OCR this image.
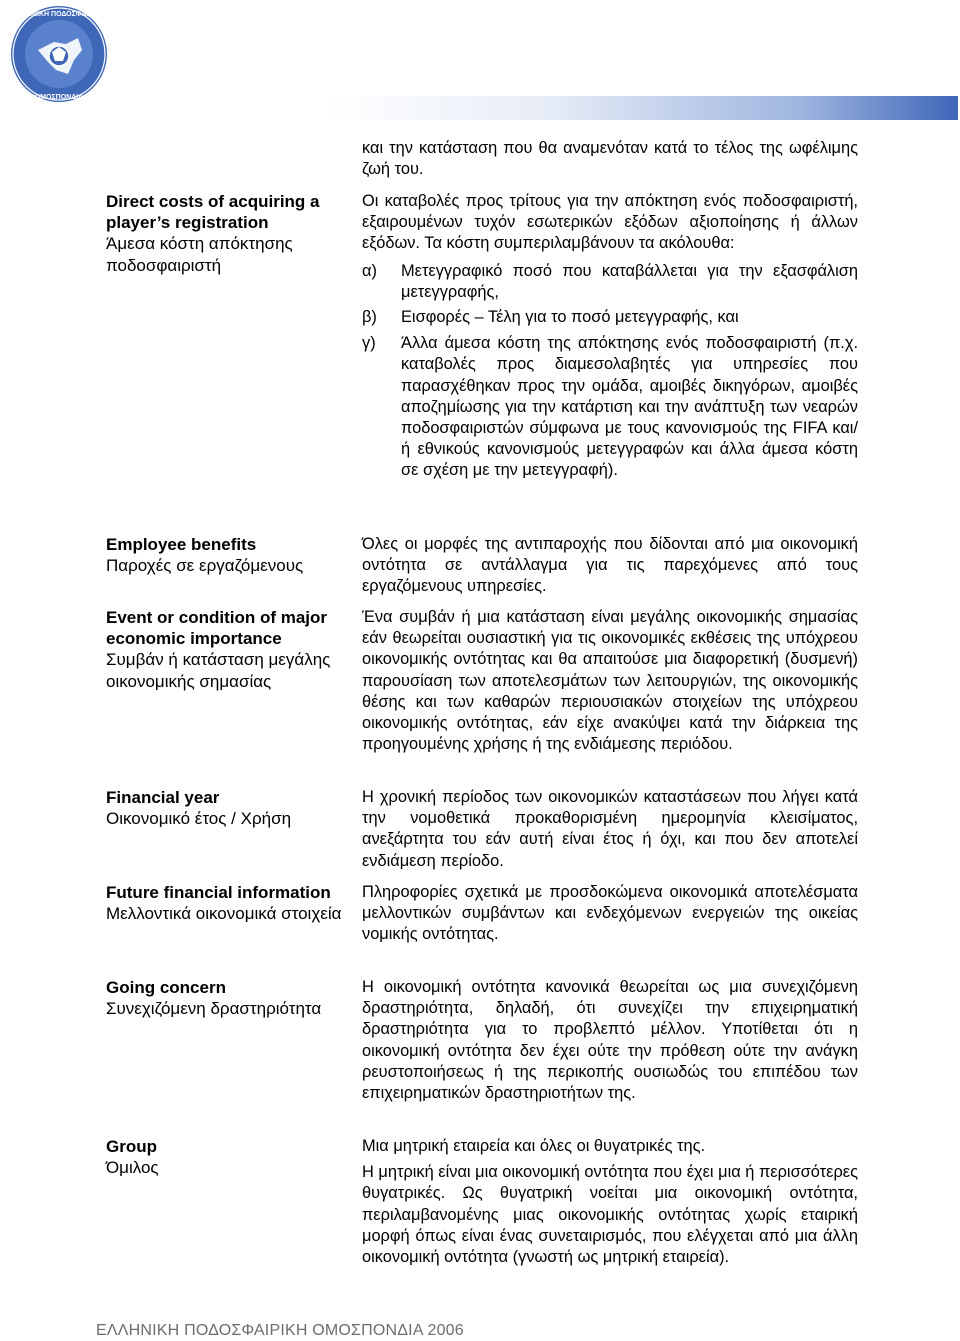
ΕΛΛΗΝΙΚΗ ΠΟΔΟΣΦΑΙΡΙΚΗ
ΟΜΟΣΠΟΝΔΙΑ

και την κατάσταση που θα αναμενόταν κατά το τέλος της ωφέλιμης ζωή του.

Direct costs of acquiring a player’s registration
Άμεσα κόστη απόκτησης ποδοσφαιριστή

Οι καταβολές προς τρίτους για την απόκτηση ενός ποδοσφαιριστή, εξαιρουμένων τυχόν εσωτερικών εξόδων αξιοποίησης ή άλλων εξόδων. Τα κόστη συμπεριλαμβάνουν τα ακόλουθα:

α)	Μετεγγραφικό ποσό που καταβάλλεται για την εξασφάλιση μετεγγραφής,
β)	Εισφορές – Τέλη για το ποσό μετεγγραφής, και
γ)	Άλλα άμεσα κόστη της απόκτησης ενός ποδοσφαιριστή (π.χ. καταβολές προς διαμεσολαβητές για υπηρεσίες που παρασχέθηκαν προς την ομάδα, αμοιβές δικηγόρων, αμοιβές αποζημίωσης για την κατάρτιση και την ανάπτυξη των νεαρών ποδοσφαιριστών σύμφωνα με τους κανονισμούς της FIFA και/ή εθνικούς κανονισμούς μετεγγραφών και άλλα άμεσα κόστη σε σχέση με την μετεγγραφή).
Employee benefits
Παροχές σε εργαζόμενους

Όλες οι μορφές της αντιπαροχής που δίδονται από μια οικονομική οντότητα σε αντάλλαγμα για τις παρεχόμενες από τους εργαζόμενους υπηρεσίες.

Event or condition of major economic importance
Συμβάν ή κατάσταση μεγάλης οικονομικής σημασίας

Ένα συμβάν ή μια κατάσταση είναι μεγάλης οικονομικής σημασίας εάν θεωρείται ουσιαστική για τις οικονομικές εκθέσεις της υπόχρεου οικονομικής οντότητας και θα απαιτούσε μια διαφορετική (δυσμενή) παρουσίαση των αποτελεσμάτων των λειτουργιών, της οικονομικής θέσης και των καθαρών περιουσιακών στοιχείων της υπόχρεου οικονομικής οντότητας, εάν είχε ανακύψει κατά την διάρκεια της προηγουμένης χρήσης ή της ενδιάμεσης περιόδου.

Financial year
Οικονομικό έτος / Χρήση

Η χρονική περίοδος των οικονομικών καταστάσεων που λήγει κατά την νομοθετικά προκαθορισμένη ημερομηνία κλεισίματος, ανεξάρτητα του εάν αυτή είναι έτος ή όχι, και που δεν αποτελεί ενδιάμεση περίοδο.

Future financial information
Μελλοντικά οικονομικά στοιχεία

Πληροφορίες σχετικά με προσδοκώμενα οικονομικά αποτελέσματα μελλοντικών συμβάντων και ενδεχόμενων ενεργειών της οικείας νομικής οντότητας.

Going concern
Συνεχιζόμενη δραστηριότητα

Η οικονομική οντότητα κανονικά θεωρείται ως μια συνεχιζόμενη δραστηριότητα, δηλαδή, ότι συνεχίζει την επιχειρηματική δραστηριότητα για το προβλεπτό μέλλον. Υποτίθεται ότι η οικονομική οντότητα δεν έχει ούτε την πρόθεση ούτε την ανάγκη ρευστοποιήσεως ή της περικοπής ουσιωδώς του επιπέδου των επιχειρηματικών δραστηριοτήτων της.

Group
Όμιλος

Μια μητρική εταιρεία και όλες οι θυγατρικές της.

Η μητρική είναι μια οικονομική οντότητα που έχει μια ή περισσότερες θυγατρικές. Ως θυγατρική νοείται μια οικονομική οντότητα, περιλαμβανομένης μιας οικονομικής οντότητας χωρίς εταιρική μορφή όπως είναι ένας συνεταιρισμός, που ελέγχεται από μια άλλη οικονομική οντότητα (γνωστή ως μητρική εταιρεία).

ΕΛΛΗΝΙΚΗ ΠΟΔΟΣΦΑΙΡΙΚΗ ΟΜΟΣΠΟΝΔΙΑ 2006
